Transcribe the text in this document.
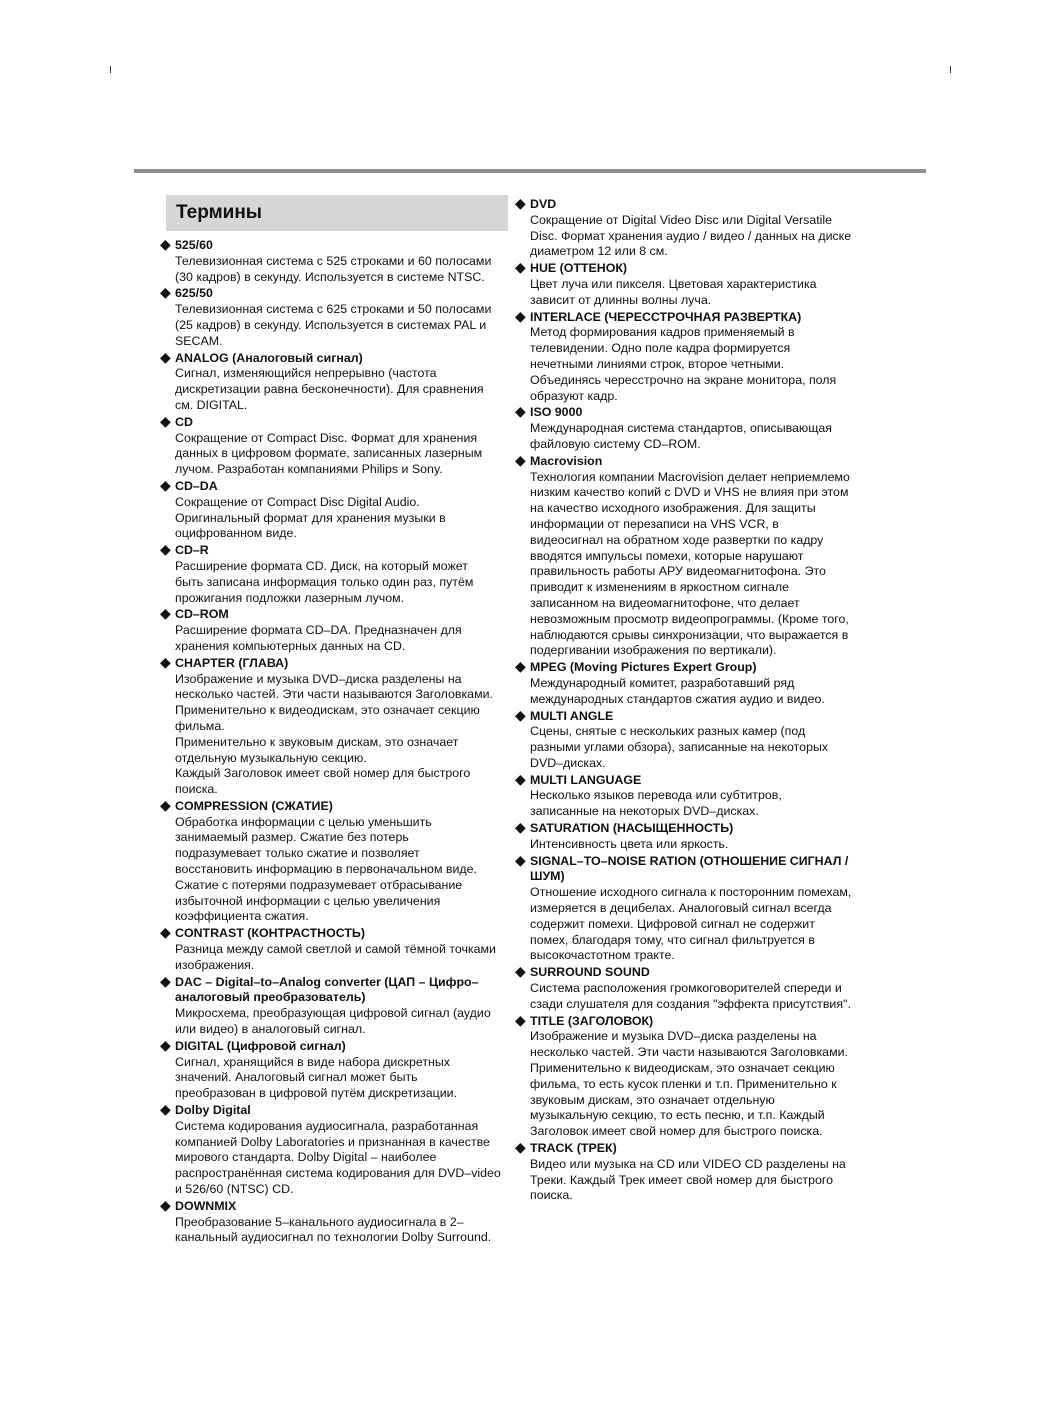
Термины
◆ 525/60
Телевизионная система с 525 строками и 60 полосами
(30 кадров) в секунду. Используется в системе NTSC.
◆ 625/50
Телевизионная система с 625 строками и 50 полосами
(25 кадров) в секунду. Используется в системах PAL и
SECAM.
◆ ANALOG (Аналоговый сигнал)
Сигнал, изменяющийся непрерывно (частота
дискретизации равна бесконечности). Для сравнения
см. DIGITAL.
◆ CD
Сокращение от Compact Disc. Формат для хранения
данных в цифровом формате, записанных лазерным
лучом. Разработан компаниями Philips и Sony.
◆ CD–DA
Сокращение от Compact Disc Digital Audio.
Оригинальный формат для хранения музыки в
оцифрованном виде.
◆ CD–R
Расширение формата CD. Диск, на который может
быть записана информация только один раз, путём
прожигания подложки лазерным лучом.
◆ CD–ROM
Расширение формата CD–DA. Предназначен для
хранения компьютерных данных на CD.
◆ CHAPTER (ГЛАВА)
Изображение и музыка DVD–диска разделены на
несколько частей. Эти части называются Заголовками.
Применительно к видеодискам, это означает секцию
фильма.
Применительно к звуковым дискам, это означает
отдельную музыкальную секцию.
Каждый Заголовок имеет свой номер для быстрого
поиска.
◆ COMPRESSION (СЖАТИЕ)
Обработка информации с целью уменьшить
занимаемый размер. Сжатие без потерь
подразумевает только сжатие и позволяет
восстановить информацию в первоначальном виде.
Сжатие с потерями подразумевает отбрасывание
избыточной информации с целью увеличения
коэффициента сжатия.
◆ CONTRAST (КОНТРАСТНОСТЬ)
Разница между самой светлой и самой тёмной точками
изображения.
◆ DAC – Digital–to–Analog converter (ЦАП – Цифро–
аналоговый преобразователь)
Микросхема, преобразующая цифровой сигнал (аудио
или видео) в аналоговый сигнал.
◆ DIGITAL (Цифровой сигнал)
Сигнал, хранящийся в виде набора дискретных
значений. Аналоговый сигнал может быть
преобразован в цифровой путём дискретизации.
◆ Dolby Digital
Система кодирования аудиосигнала, разработанная
компанией Dolby Laboratories и признанная в качестве
мирового стандарта. Dolby Digital – наиболее
распространённая система кодирования для DVD–video
и 526/60 (NTSC) CD.
◆ DOWNMIX
Преобразование 5–канального аудиосигнала в 2–
канальный аудиосигнал по технологии Dolby Surround.
◆ DVD
Сокращение от Digital Video Disc или Digital Versatile
Disc. Формат хранения аудио / видео / данных на диске
диаметром 12 или 8 см.
◆ HUE (ОТТЕНОК)
Цвет луча или пикселя. Цветовая характеристика
зависит от длинны волны луча.
◆ INTERLACE (ЧЕРЕССТРОЧНАЯ РАЗВЕРТКА)
Метод формирования кадров применяемый в
телевидении. Одно поле кадра формируется
нечетными линиями строк, второе четными.
Объединясь чересстрочно на экране монитора, поля
образуют кадр.
◆ ISO 9000
Международная система стандартов, описывающая
файловую систему CD–ROM.
◆ Macrovision
Технология компании Macrovision делает неприемлемо
низким качество копий с DVD и VHS не влияя при этом
на качество исходного изображения. Для защиты
информации от перезаписи на VHS VCR, в
видеосигнал на обратном ходе развертки по кадру
вводятся импульсы помехи, которые нарушают
правильность работы АРУ видеомагнитофона. Это
приводит к изменениям в яркостном сигнале
записанном на видеомагнитофоне, что делает
невозможным просмотр видеопрограммы. (Кроме того,
наблюдаются срывы синхронизации, что выражается в
подергивании изображения по вертикали).
◆ MPEG (Moving Pictures Expert Group)
Международный комитет, разработавший ряд
международных стандартов сжатия аудио и видео.
◆ MULTI ANGLE
Сцены, снятые с нескольких разных камер (под
разными углами обзора), записанные на некоторых
DVD–дисках.
◆ MULTI LANGUAGE
Несколько языков перевода или субтитров,
записанные на некоторых DVD–дисках.
◆ SATURATION (НАСЫЩЕННОСТЬ)
Интенсивность цвета или яркость.
◆ SIGNAL–TO–NOISE RATION (ОТНОШЕНИЕ СИГНАЛ /
ШУМ)
Отношение исходного сигнала к посторонним помехам,
измеряется в децибелах. Аналоговый сигнал всегда
содержит помехи. Цифровой сигнал не содержит
помех, благодаря тому, что сигнал фильтруется в
высокочастотном тракте.
◆ SURROUND SOUND
Система расположения громкоговорителей спереди и
сзади слушателя для создания "эффекта присутствия".
◆ TITLE (ЗАГОЛОВОК)
Изображение и музыка DVD–диска разделены на
несколько частей. Эти части называются Заголовками.
Применительно к видеодискам, это означает секцию
фильма, то есть кусок пленки и т.п. Применительно к
звуковым дискам, это означает отдельную
музыкальную секцию, то есть песню, и т.п. Каждый
Заголовок имеет свой номер для быстрого поиска.
◆ TRACK (ТРЕК)
Видео или музыка на CD или VIDEO CD разделены на
Треки. Каждый Трек имеет свой номер для быстрого
поиска.
